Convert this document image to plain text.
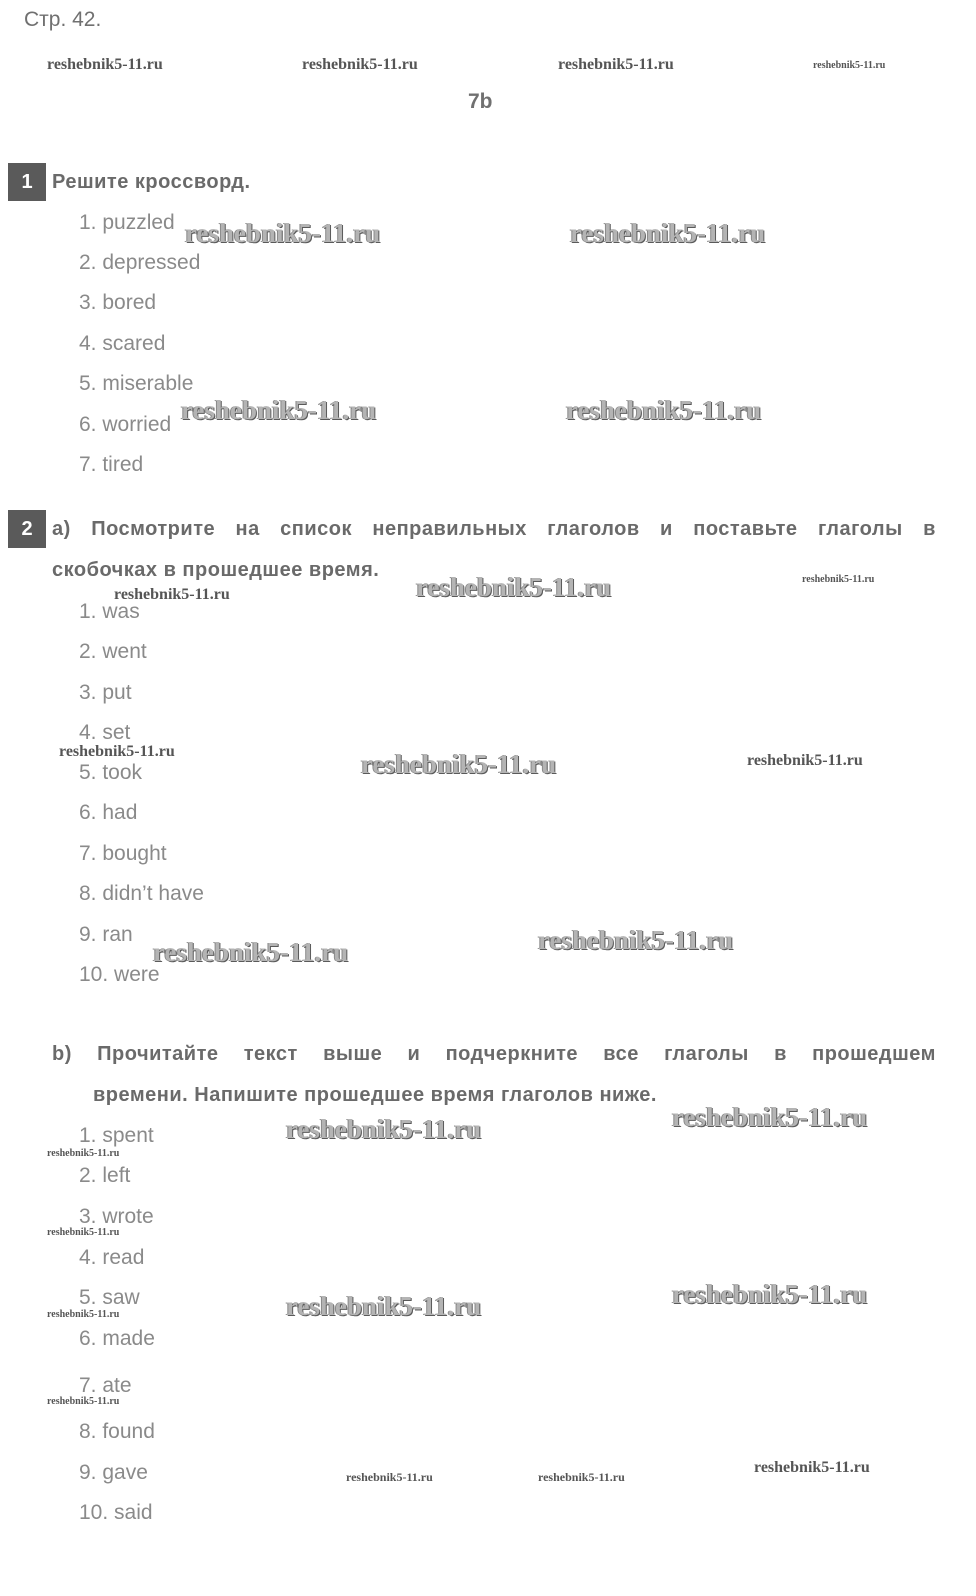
Стр. 42.
7b
reshebnik5-11.ru	reshebnik5-11.ru	reshebnik5-11.ru	reshebnik5-11.ru
reshebnik5-11.ru	reshebnik5-11.ru
reshebnik5-11.ru	reshebnik5-11.ru
reshebnik5-11.ru	reshebnik5-11.ru	reshebnik5-11.ru
reshebnik5-11.ru	reshebnik5-11.ru	reshebnik5-11.ru
reshebnik5-11.ru	reshebnik5-11.ru
reshebnik5-11.ru	reshebnik5-11.ru
reshebnik5-11.ru
reshebnik5-11.ru
reshebnik5-11.ru	reshebnik5-11.ru
reshebnik5-11.ru
reshebnik5-11.ru
reshebnik5-11.ru	reshebnik5-11.ru
reshebnik5-11.ru
1 Решите кроссворд.
1. puzzled
2. depressed
3. bored
4. scared
5. miserable
6. worried
7. tired
2 а) Посмотрите на список неправильных глаголов и поставьте глаголы в
скобочках в прошедшее время.
1. was
2. went
3. put
4. set
5. took
6. had
7. bought
8. didn’t have
9. ran
10. were
b) Прочитайте текст выше и подчеркните все глаголы в прошедшем
времени. Напишите прошедшее время глаголов ниже.
1. spent
2. left
3. wrote
4. read
5. saw
6. made
7. ate
8. found
9. gave
10. said
